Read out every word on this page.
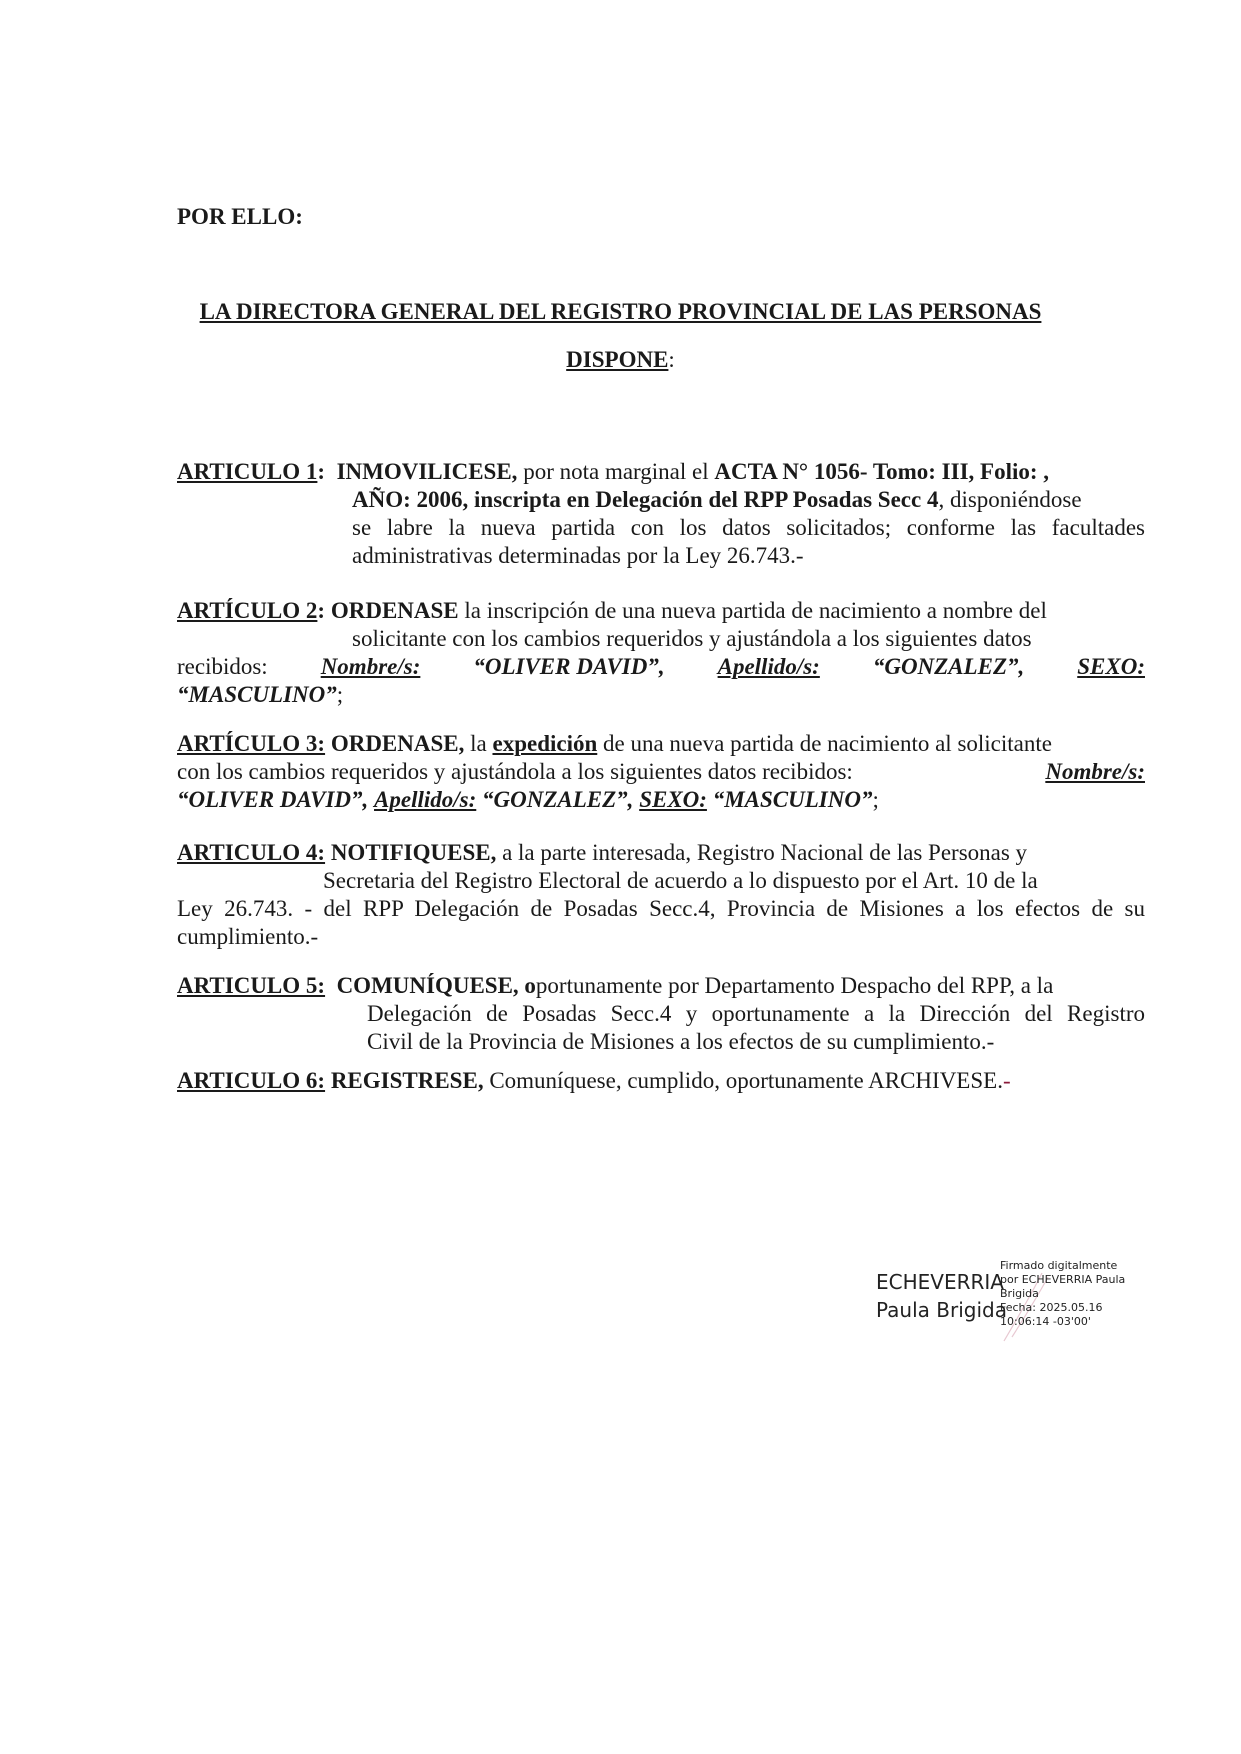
POR ELLO:
LA DIRECTORA GENERAL DEL REGISTRO PROVINCIAL DE LAS PERSONAS
DISPONE:
ARTICULO 1: INMOVILICESE, por nota marginal el ACTA N° 1056- Tomo: III, Folio: ,
AÑO: 2006, inscripta en Delegación del RPP Posadas Secc 4, disponiéndose
se labre la nueva partida con los datos solicitados; conforme las facultades
administrativas determinadas por la Ley 26.743.-
ARTÍCULO 2: ORDENASE la inscripción de una nueva partida de nacimiento a nombre del
solicitante con los cambios requeridos y ajustándola a los siguientes datos
recibidos: Nombre/s: “OLIVER DAVID”, Apellido/s: “GONZALEZ”, SEXO:
“MASCULINO”;
ARTÍCULO 3: ORDENASE, la expedición de una nueva partida de nacimiento al solicitante
con los cambios requeridos y ajustándola a los siguientes datos recibidos:	Nombre/s:
“OLIVER DAVID”, Apellido/s: “GONZALEZ”, SEXO: “MASCULINO”;
ARTICULO 4: NOTIFIQUESE, a la parte interesada, Registro Nacional de las Personas y
Secretaria del Registro Electoral de acuerdo a lo dispuesto por el Art. 10 de la
Ley 26.743. - del RPP Delegación de Posadas Secc.4, Provincia de Misiones a los efectos de su
cumplimiento.-
ARTICULO 5: COMUNÍQUESE, oportunamente por Departamento Despacho del RPP, a la
Delegación de Posadas Secc.4 y oportunamente a la Dirección del Registro
Civil de la Provincia de Misiones a los efectos de su cumplimiento.-
ARTICULO 6: REGISTRESE, Comuníquese, cumplido, oportunamente ARCHIVESE.-
ECHEVERRIA
Paula Brigida
Firmado digitalmente
por ECHEVERRIA Paula
Brigida
Fecha: 2025.05.16
10:06:14 -03'00'
